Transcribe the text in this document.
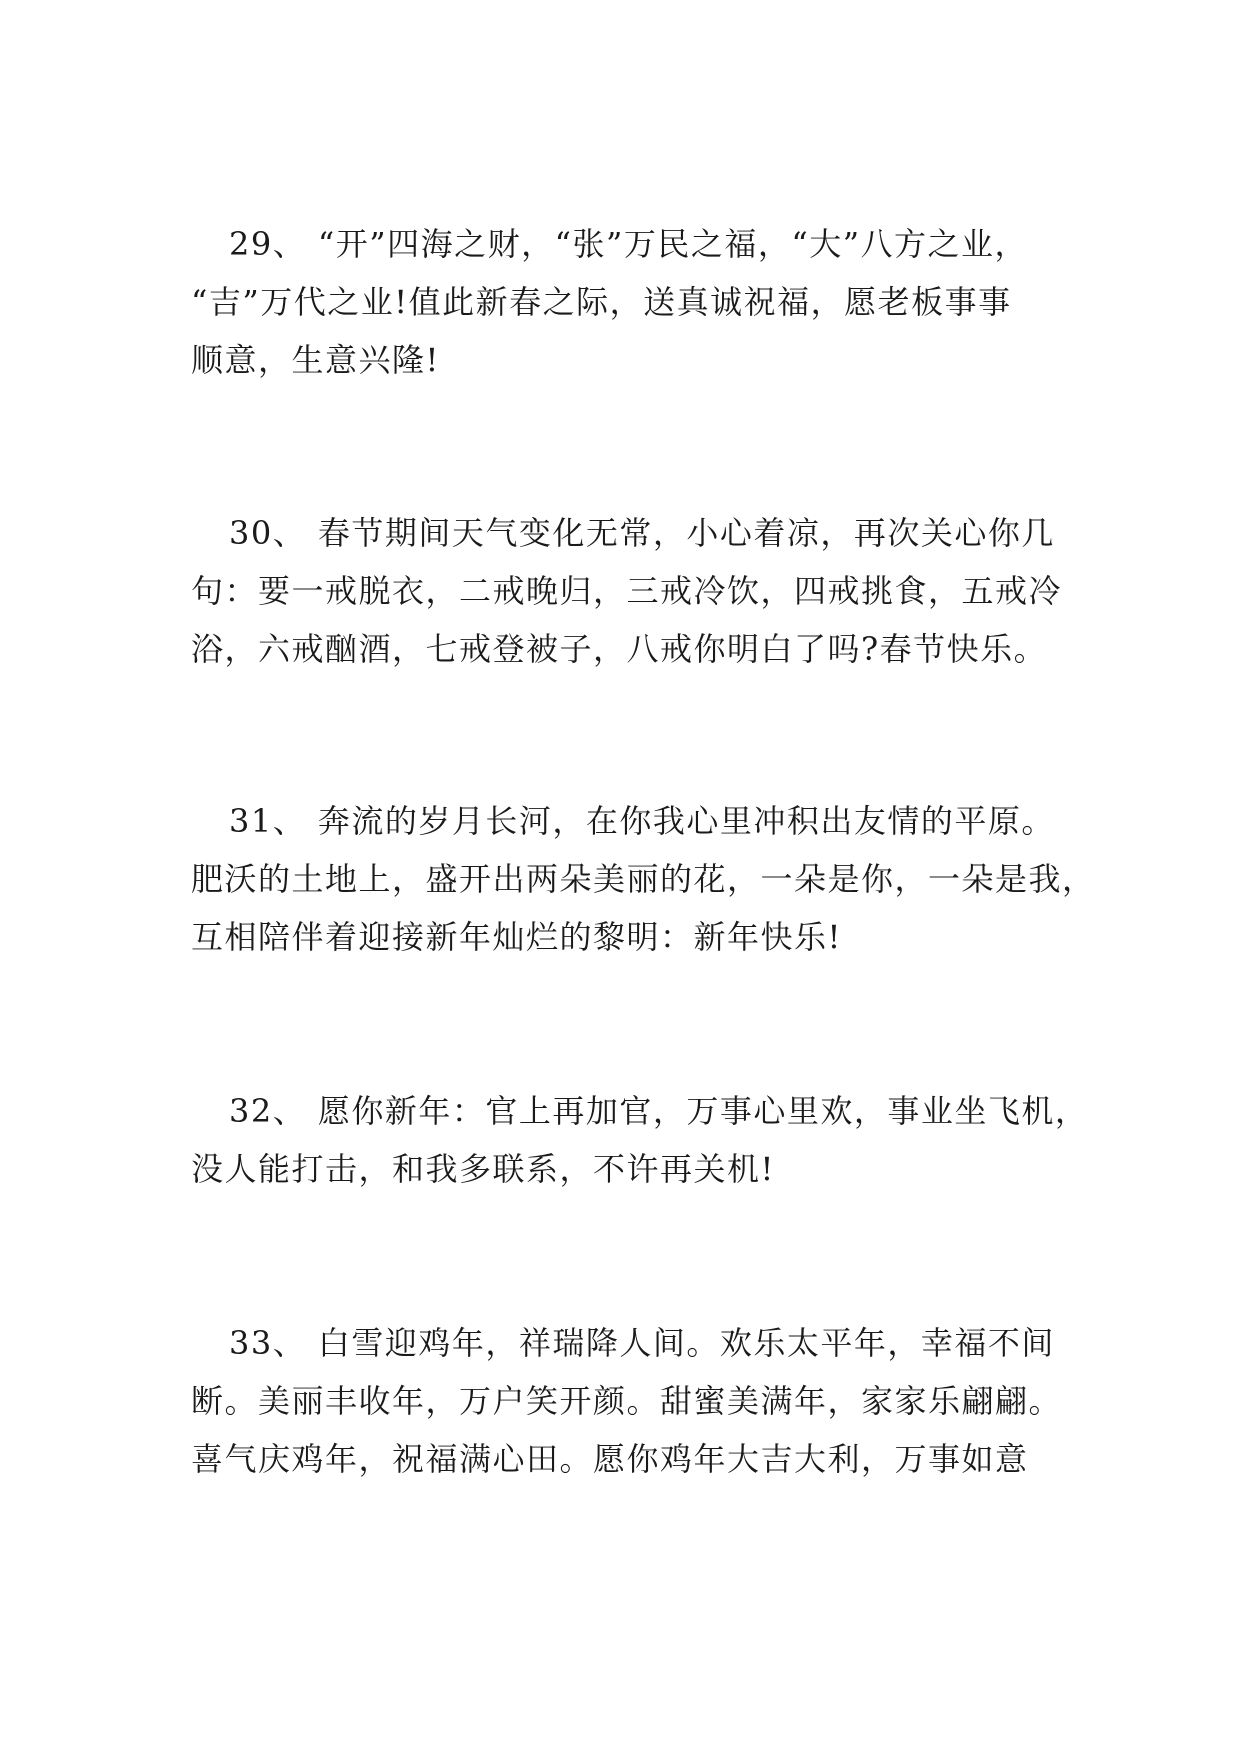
29、 “开”四海之财，“张”万民之福，“大”八方之业，
“吉”万代之业!值此新春之际，送真诚祝福，愿老板事事
顺意，生意兴隆!
30、 春节期间天气变化无常，小心着凉，再次关心你几
句：要一戒脱衣，二戒晚归，三戒冷饮，四戒挑食，五戒冷
浴，六戒酗酒，七戒登被子，八戒你明白了吗?春节快乐。
31、 奔流的岁月长河，在你我心里冲积出友情的平原。
肥沃的土地上，盛开出两朵美丽的花，一朵是你，一朵是我，
互相陪伴着迎接新年灿烂的黎明：新年快乐!
32、 愿你新年：官上再加官，万事心里欢，事业坐飞机，
没人能打击，和我多联系，不许再关机!
33、 白雪迎鸡年，祥瑞降人间。欢乐太平年，幸福不间
断。美丽丰收年，万户笑开颜。甜蜜美满年，家家乐翩翩。
喜气庆鸡年，祝福满心田。愿你鸡年大吉大利，万事如意
